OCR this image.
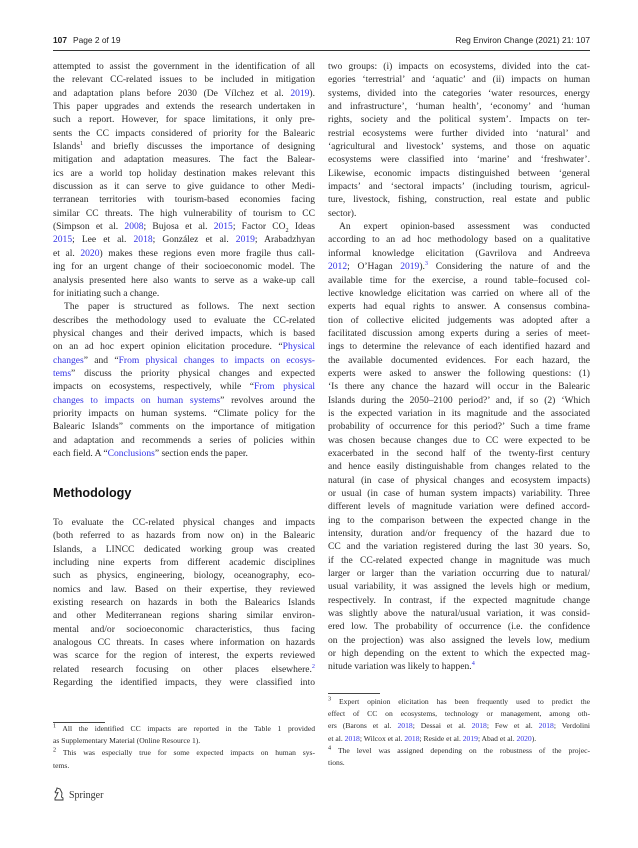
107 Page 2 of 19	Reg Environ Change (2021) 21: 107
attempted to assist the government in the identification of all
the relevant CC-related issues to be included in mitigation
and adaptation plans before 2030 (De Vílchez et al. 2019).
This paper upgrades and extends the research undertaken in
such a report. However, for space limitations, it only pre-
sents the CC impacts considered of priority for the Balearic
Islands$^1$ and briefly discusses the importance of designing
mitigation and adaptation measures. The fact the Balear-
ics are a world top holiday destination makes relevant this
discussion as it can serve to give guidance to other Medi-
terranean territories with tourism-based economies facing
similar CC threats. The high vulnerability of tourism to CC
(Simpson et al. 2008; Bujosa et al. 2015; Factor $CO_2$ Ideas
2015; Lee et al. 2018; González et al. 2019; Arabadzhyan
et al. 2020) makes these regions even more fragile thus call-
ing for an urgent change of their socioeconomic model. The
analysis presented here also wants to serve as a wake-up call
for initiating such a change.
The paper is structured as follows. The next section
describes the methodology used to evaluate the CC-related
physical changes and their derived impacts, which is based
on an ad hoc expert opinion elicitation procedure. “Physical
changes” and “From physical changes to impacts on ecosys-
tems” discuss the priority physical changes and expected
impacts on ecosystems, respectively, while “From physical
changes to impacts on human systems” revolves around the
priority impacts on human systems. “Climate policy for the
Balearic Islands” comments on the importance of mitigation
and adaptation and recommends a series of policies within
each field. A “Conclusions” section ends the paper.
Methodology
To evaluate the CC-related physical changes and impacts
(both referred to as hazards from now on) in the Balearic
Islands, a LINCC dedicated working group was created
including nine experts from different academic disciplines
such as physics, engineering, biology, oceanography, eco-
nomics and law. Based on their expertise, they reviewed
existing research on hazards in both the Balearics Islands
and other Mediterranean regions sharing similar environ-
mental and/or socioeconomic characteristics, thus facing
analogous CC threats. In cases where information on hazards
was scarce for the region of interest, the experts reviewed
related research focusing on other places elsewhere.$^2$
Regarding the identified impacts, they were classified into
$^1$ All the identified CC impacts are reported in the Table 1 provided
as Supplementary Material (Online Resource 1).
$^2$ This was especially true for some expected impacts on human sys-
tems.
two groups: (i) impacts on ecosystems, divided into the cat-
egories ‘terrestrial’ and ‘aquatic’ and (ii) impacts on human
systems, divided into the categories ‘water resources, energy
and infrastructure’, ‘human health’, ‘economy’ and ‘human
rights, society and the political system’. Impacts on ter-
restrial ecosystems were further divided into ‘natural’ and
‘agricultural and livestock’ systems, and those on aquatic
ecosystems were classified into ‘marine’ and ‘freshwater’.
Likewise, economic impacts distinguished between ‘general
impacts’ and ‘sectoral impacts’ (including tourism, agricul-
ture, livestock, fishing, construction, real estate and public
sector).
An expert opinion-based assessment was conducted
according to an ad hoc methodology based on a qualitative
informal knowledge elicitation (Gavrilova and Andreeva
2012; O’Hagan 2019).$^3$ Considering the nature of and the
available time for the exercise, a round table–focused col-
lective knowledge elicitation was carried on where all of the
experts had equal rights to answer. A consensus combina-
tion of collective elicited judgements was adopted after a
facilitated discussion among experts during a series of meet-
ings to determine the relevance of each identified hazard and
the available documented evidences. For each hazard, the
experts were asked to answer the following questions: (1)
‘Is there any chance the hazard will occur in the Balearic
Islands during the 2050–2100 period?’ and, if so (2) ‘Which
is the expected variation in its magnitude and the associated
probability of occurrence for this period?’ Such a time frame
was chosen because changes due to CC were expected to be
exacerbated in the second half of the twenty-first century
and hence easily distinguishable from changes related to the
natural (in case of physical changes and ecosystem impacts)
or usual (in case of human system impacts) variability. Three
different levels of magnitude variation were defined accord-
ing to the comparison between the expected change in the
intensity, duration and/or frequency of the hazard due to
CC and the variation registered during the last 30 years. So,
if the CC-related expected change in magnitude was much
larger or larger than the variation occurring due to natural/
usual variability, it was assigned the levels high or medium,
respectively. In contrast, if the expected magnitude change
was slightly above the natural/usual variation, it was consid-
ered low. The probability of occurrence (i.e. the confidence
on the projection) was also assigned the levels low, medium
or high depending on the extent to which the expected mag-
nitude variation was likely to happen.$^4$
$^3$ Expert opinion elicitation has been frequently used to predict the
effect of CC on ecosystems, technology or management, among oth-
ers (Barons et al. 2018; Dessai et al. 2018; Few et al. 2018; Verdolini
et al. 2018; Wilcox et al. 2018; Reside et al. 2019; Abad et al. 2020).
$^4$ The level was assigned depending on the robustness of the projec-
tions.
Springer
